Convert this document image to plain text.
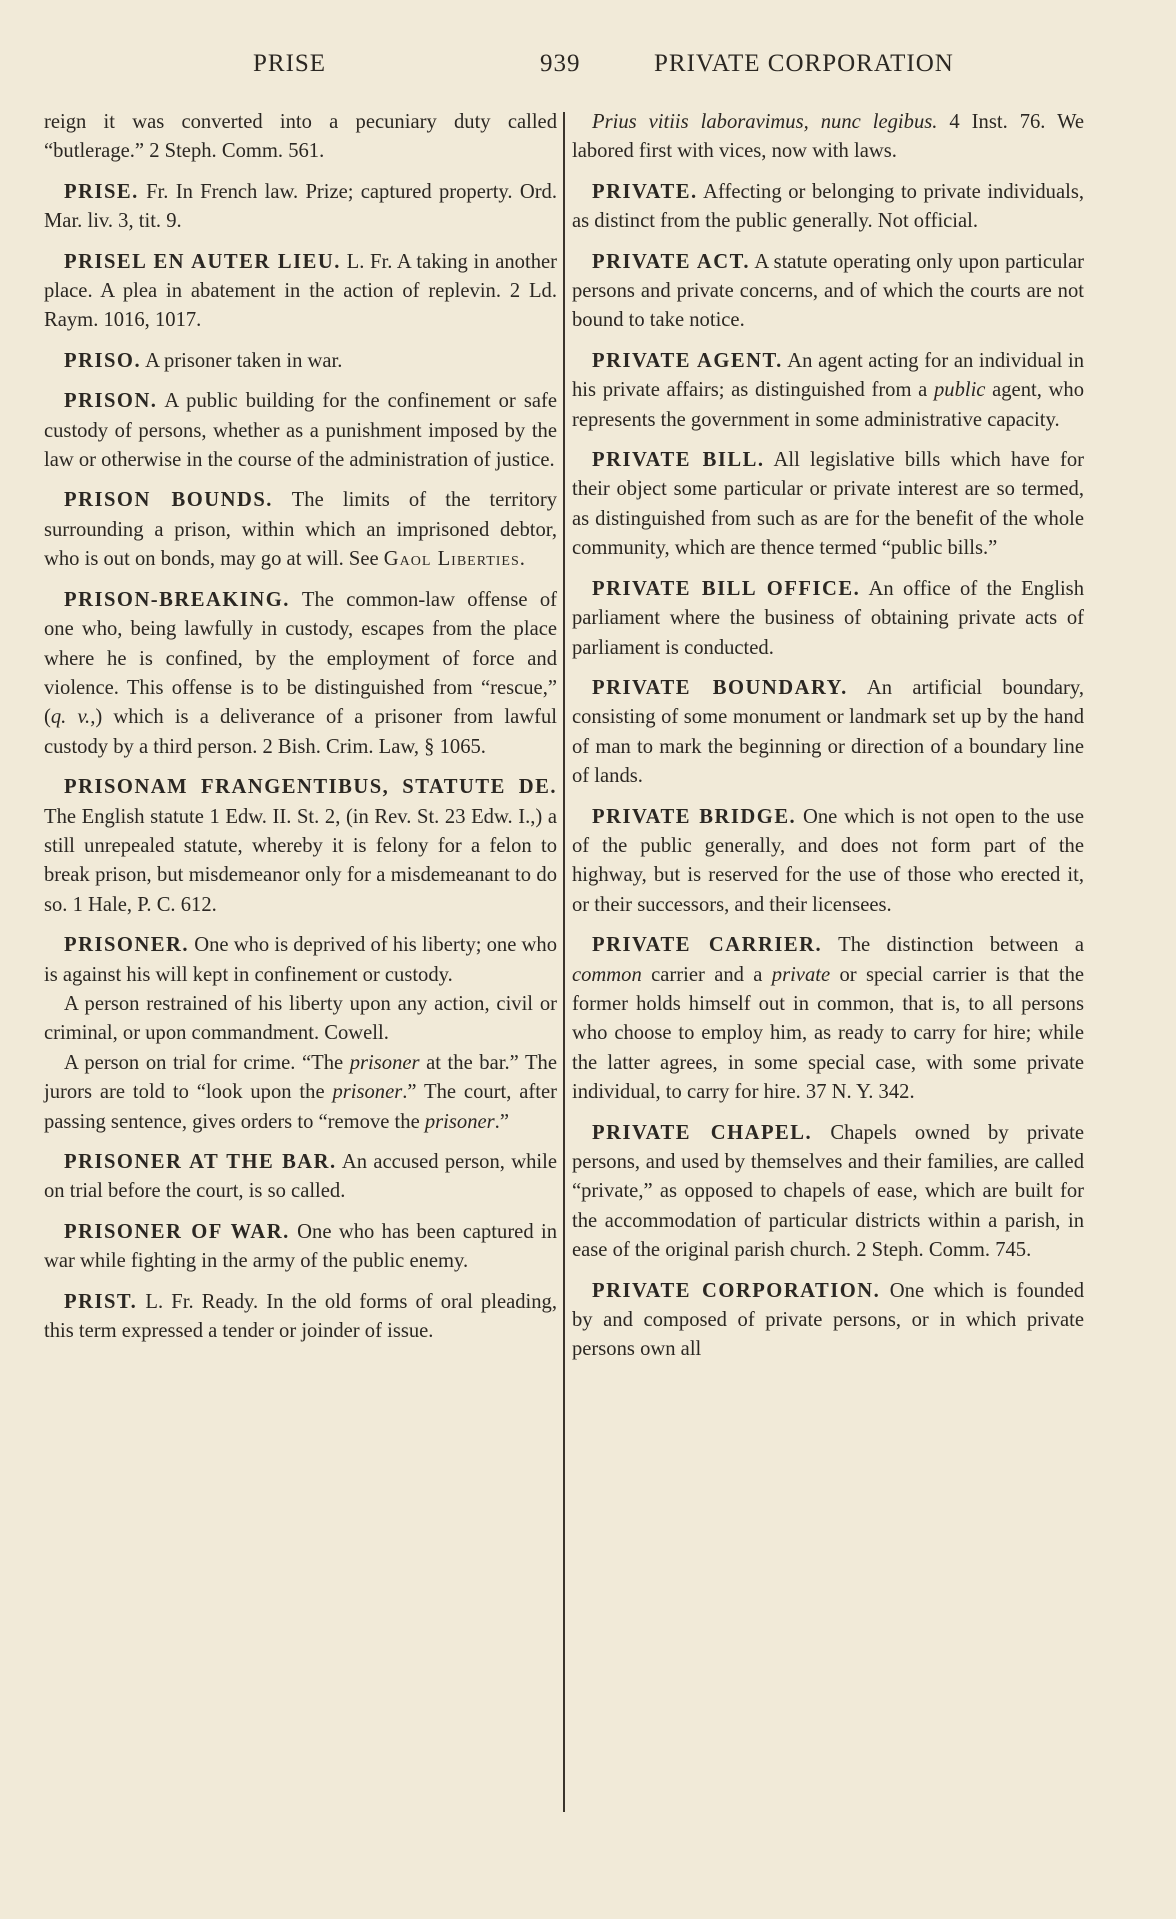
PRISE	939	PRIVATE CORPORATION

reign it was converted into a pecuniary duty called “butlerage.” 2 Steph. Comm. 561.

PRISE. Fr. In French law. Prize; captured property. Ord. Mar. liv. 3, tit. 9.

PRISEL EN AUTER LIEU. L. Fr. A taking in another place. A plea in abatement in the action of replevin. 2 Ld. Raym. 1016, 1017.

PRISO. A prisoner taken in war.

PRISON. A public building for the confinement or safe custody of persons, whether as a punishment imposed by the law or otherwise in the course of the administration of justice.

PRISON BOUNDS. The limits of the territory surrounding a prison, within which an imprisoned debtor, who is out on bonds, may go at will. See Gaol Liberties.

PRISON-BREAKING. The common-law offense of one who, being lawfully in custody, escapes from the place where he is confined, by the employment of force and violence. This offense is to be distinguished from “rescue,” (q. v.,) which is a deliverance of a prisoner from lawful custody by a third person. 2 Bish. Crim. Law, § 1065.

PRISONAM FRANGENTIBUS, STATUTE DE. The English statute 1 Edw. II. St. 2, (in Rev. St. 23 Edw. I.,) a still unrepealed statute, whereby it is felony for a felon to break prison, but misdemeanor only for a misdemeanant to do so. 1 Hale, P. C. 612.

PRISONER. One who is deprived of his liberty; one who is against his will kept in confinement or custody.

A person restrained of his liberty upon any action, civil or criminal, or upon commandment. Cowell.

A person on trial for crime. “The prisoner at the bar.” The jurors are told to “look upon the prisoner.” The court, after passing sentence, gives orders to “remove the prisoner.”

PRISONER AT THE BAR. An accused person, while on trial before the court, is so called.

PRISONER OF WAR. One who has been captured in war while fighting in the army of the public enemy.

PRIST. L. Fr. Ready. In the old forms of oral pleading, this term expressed a tender or joinder of issue.

Prius vitiis laboravimus, nunc legibus. 4 Inst. 76. We labored first with vices, now with laws.

PRIVATE. Affecting or belonging to private individuals, as distinct from the public generally. Not official.

PRIVATE ACT. A statute operating only upon particular persons and private concerns, and of which the courts are not bound to take notice.

PRIVATE AGENT. An agent acting for an individual in his private affairs; as distinguished from a public agent, who represents the government in some administrative capacity.

PRIVATE BILL. All legislative bills which have for their object some particular or private interest are so termed, as distinguished from such as are for the benefit of the whole community, which are thence termed “public bills.”

PRIVATE BILL OFFICE. An office of the English parliament where the business of obtaining private acts of parliament is conducted.

PRIVATE BOUNDARY. An artificial boundary, consisting of some monument or landmark set up by the hand of man to mark the beginning or direction of a boundary line of lands.

PRIVATE BRIDGE. One which is not open to the use of the public generally, and does not form part of the highway, but is reserved for the use of those who erected it, or their successors, and their licensees.

PRIVATE CARRIER. The distinction between a common carrier and a private or special carrier is that the former holds himself out in common, that is, to all persons who choose to employ him, as ready to carry for hire; while the latter agrees, in some special case, with some private individual, to carry for hire. 37 N. Y. 342.

PRIVATE CHAPEL. Chapels owned by private persons, and used by themselves and their families, are called “private,” as opposed to chapels of ease, which are built for the accommodation of particular districts within a parish, in ease of the original parish church. 2 Steph. Comm. 745.

PRIVATE CORPORATION. One which is founded by and composed of private persons, or in which private persons own all
